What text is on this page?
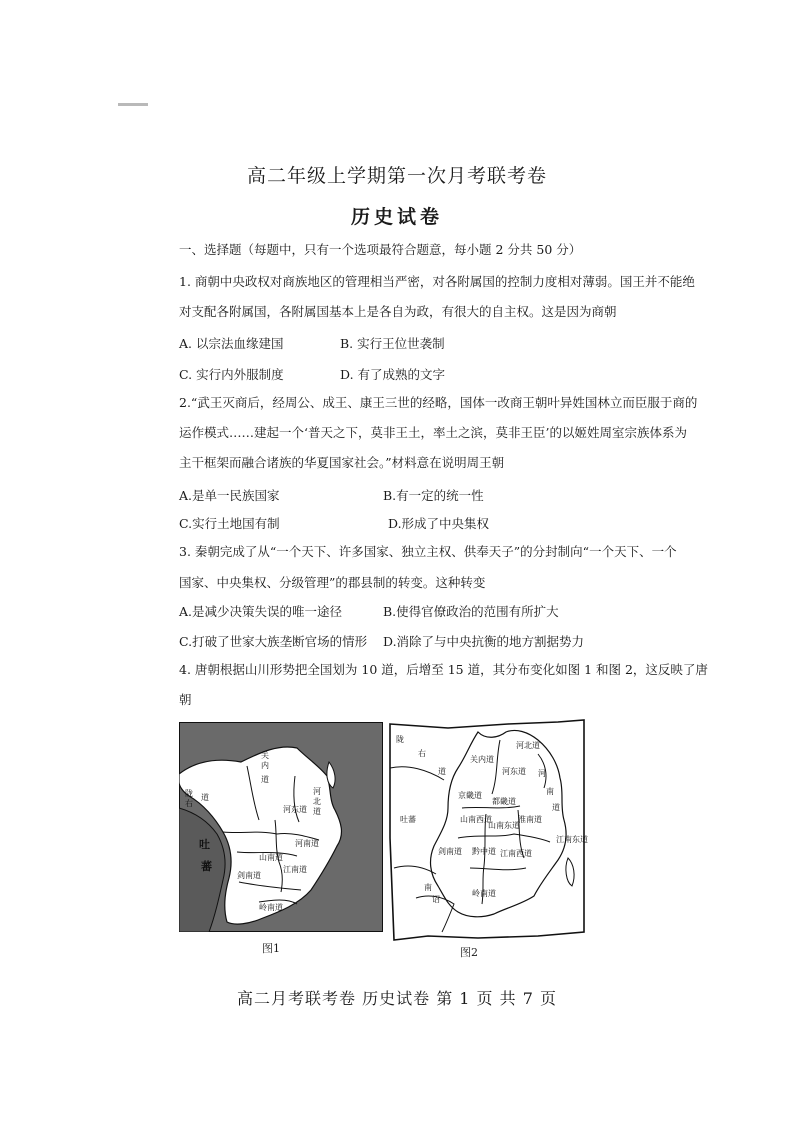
高二年级上学期第一次月考联考卷
历史试卷
一、选择题（每题中，只有一个选项最符合题意，每小题 2 分共 50 分）
1. 商朝中央政权对商族地区的管理相当严密，对各附属国的控制力度相对薄弱。国王并不能绝
对支配各附属国，各附属国基本上是各自为政，有很大的自主权。这是因为商朝
A. 以宗法血缘建国	B. 实行王位世袭制
C. 实行内外服制度	D. 有了成熟的文字
2.“武王灭商后，经周公、成王、康王三世的经略，国体一改商王朝叶异姓国林立而臣服于商的
运作模式……建起一个‘普天之下，莫非王土，率土之滨，莫非王臣’的以姬姓周室宗族体系为
主干框架而融合诸族的华夏国家社会。”材料意在说明周王朝
A.是单一民族国家	B.有一定的统一性
C.实行土地国有制	D.形成了中央集权
3. 秦朝完成了从“一个天下、许多国家、独立主权、供奉天子”的分封制向“一个天下、一个
国家、中央集权、分级管理”的郡县制的转变。这种转变
A.是减少决策失误的唯一途径	B.使得官僚政治的范围有所扩大
C.打破了世家大族垄断官场的情形 D.消除了与中央抗衡的地方割据势力
4. 唐朝根据山川形势把全国划为 10 道，后增至 15 道，其分布变化如图 1 和图 2，这反映了唐
朝
关
内
道
河
北
道
河东道
河南道
陇
右
道
山南道
剑南道
江南道
岭南道
吐
蕃
图1
陇
右
道
河北道
关内道
河东道 河
南
道
京畿道
都畿道
吐蕃	山南西道
山南东道
淮南道
剑南道 黔中道 江南西道
江南东道
南
诏
岭南道
图2
高二月考联考卷 历史试卷 第 1 页 共 7 页
